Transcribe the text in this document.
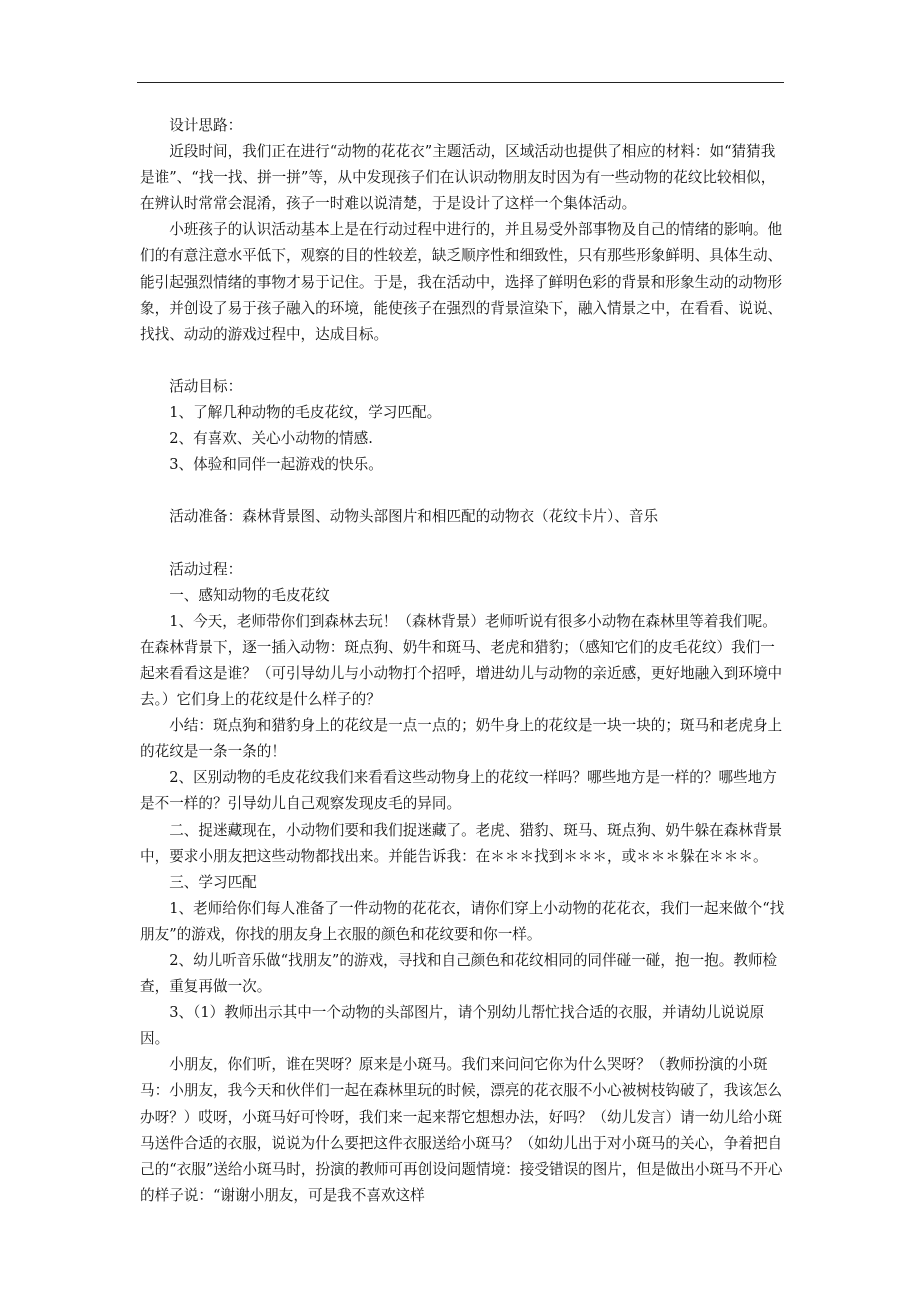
设计思路：

近段时间，我们正在进行“动物的花花衣”主题活动，区域活动也提供了相应的材料：如“猜猜我是谁”、“找一找、拼一拼”等，从中发现孩子们在认识动物朋友时因为有一些动物的花纹比较相似，在辨认时常常会混淆，孩子一时难以说清楚，于是设计了这样一个集体活动。

小班孩子的认识活动基本上是在行动过程中进行的，并且易受外部事物及自己的情绪的影响。他们的有意注意水平低下，观察的目的性较差，缺乏顺序性和细致性，只有那些形象鲜明、具体生动、能引起强烈情绪的事物才易于记住。于是，我在活动中，选择了鲜明色彩的背景和形象生动的动物形象，并创设了易于孩子融入的环境，能使孩子在强烈的背景渲染下，融入情景之中，在看看、说说、找找、动动的游戏过程中，达成目标。

活动目标：

1、了解几种动物的毛皮花纹，学习匹配。

2、有喜欢、关心小动物的情感.

3、体验和同伴一起游戏的快乐。

活动准备：森林背景图、动物头部图片和相匹配的动物衣（花纹卡片）、音乐

活动过程：

一、感知动物的毛皮花纹

1、今天，老师带你们到森林去玩！（森林背景）老师听说有很多小动物在森林里等着我们呢。在森林背景下，逐一插入动物：斑点狗、奶牛和斑马、老虎和猎豹；（感知它们的皮毛花纹）我们一起来看看这是谁？（可引导幼儿与小动物打个招呼，增进幼儿与动物的亲近感，更好地融入到环境中去。）它们身上的花纹是什么样子的？

小结：斑点狗和猎豹身上的花纹是一点一点的；奶牛身上的花纹是一块一块的；斑马和老虎身上的花纹是一条一条的！

2、区别动物的毛皮花纹我们来看看这些动物身上的花纹一样吗？哪些地方是一样的？哪些地方是不一样的？引导幼儿自己观察发现皮毛的异同。

二、捉迷藏现在，小动物们要和我们捉迷藏了。老虎、猎豹、斑马、斑点狗、奶牛躲在森林背景中，要求小朋友把这些动物都找出来。并能告诉我：在＊＊＊找到＊＊＊，或＊＊＊躲在＊＊＊。

三、学习匹配

1、老师给你们每人准备了一件动物的花花衣，请你们穿上小动物的花花衣，我们一起来做个“找朋友”的游戏，你找的朋友身上衣服的颜色和花纹要和你一样。

2、幼儿听音乐做“找朋友”的游戏，寻找和自己颜色和花纹相同的同伴碰一碰，抱一抱。教师检查，重复再做一次。

3、（1）教师出示其中一个动物的头部图片，请个别幼儿帮忙找合适的衣服，并请幼儿说说原因。

小朋友，你们听，谁在哭呀？原来是小斑马。我们来问问它你为什么哭呀？（教师扮演的小斑马：小朋友，我今天和伙伴们一起在森林里玩的时候，漂亮的花衣服不小心被树枝钩破了，我该怎么办呀？）哎呀，小斑马好可怜呀，我们来一起来帮它想想办法，好吗？（幼儿发言）请一幼儿给小斑马送件合适的衣服，说说为什么要把这件衣服送给小斑马？（如幼儿出于对小斑马的关心，争着把自己的“衣服”送给小斑马时，扮演的教师可再创设问题情境：接受错误的图片，但是做出小斑马不开心的样子说：“谢谢小朋友，可是我不喜欢这样
